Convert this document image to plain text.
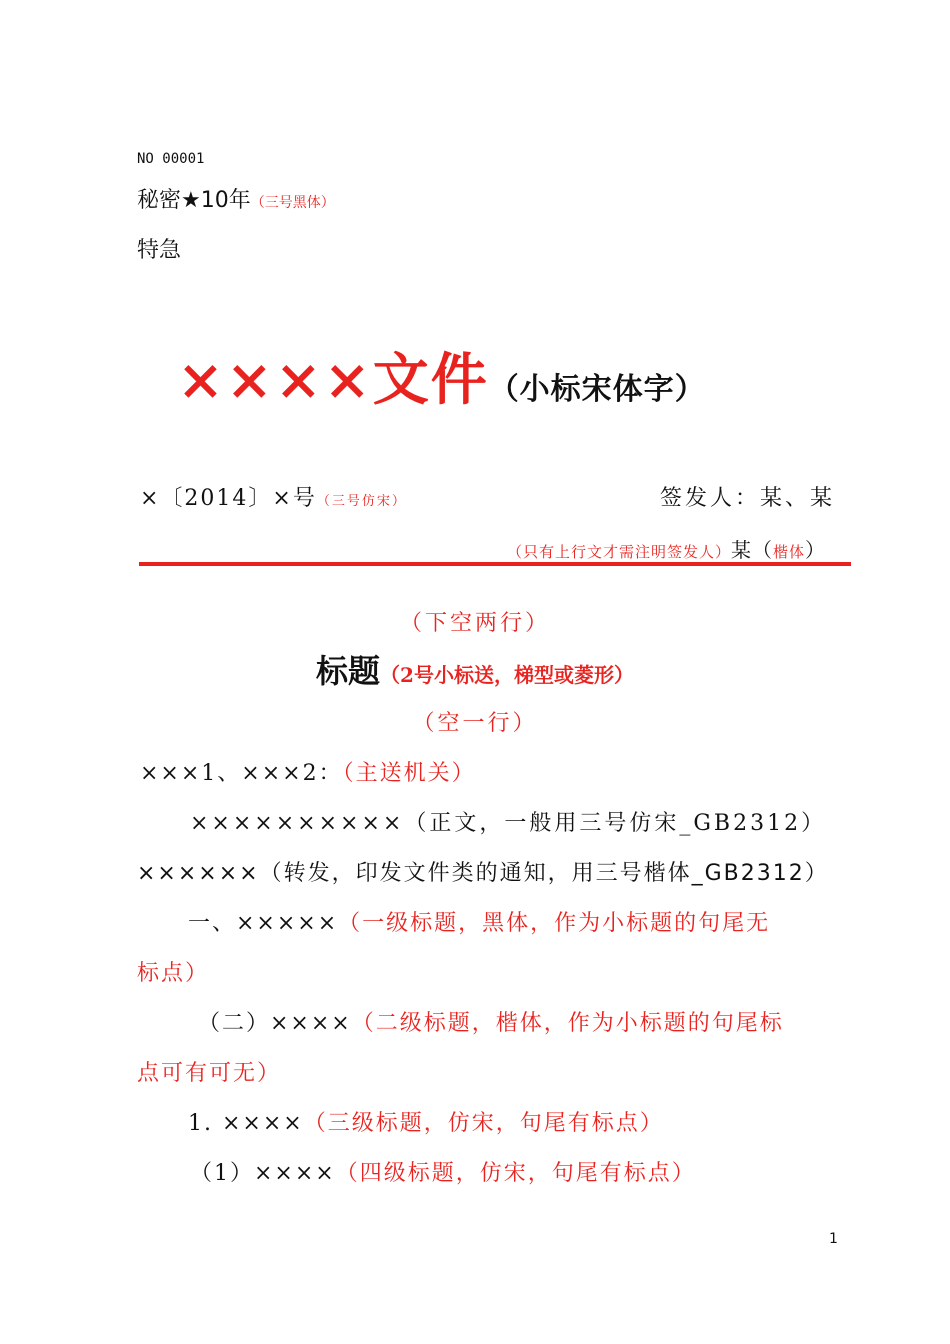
NO 00001
秘密★10年（三号黑体）
特急
××××文件（小标宋体字）
×〔2014〕×号（三号仿宋）	签发人：某、某
（只有上行文才需注明签发人）某（楷体）
（下空两行）
标题（2号小标送，梯型或菱形）
（空一行）
×××1、×××2：（主送机关）
××××××××××（正文，一般用三号仿宋_GB2312）
××××××（转发，印发文件类的通知，用三号楷体_GB2312）
一、×××××（一级标题，黑体，作为小标题的句尾无
标点）
（二）××××（二级标题，楷体，作为小标题的句尾标
点可有可无）
1. ××××（三级标题，仿宋，句尾有标点）
（1）××××（四级标题，仿宋，句尾有标点）
1
